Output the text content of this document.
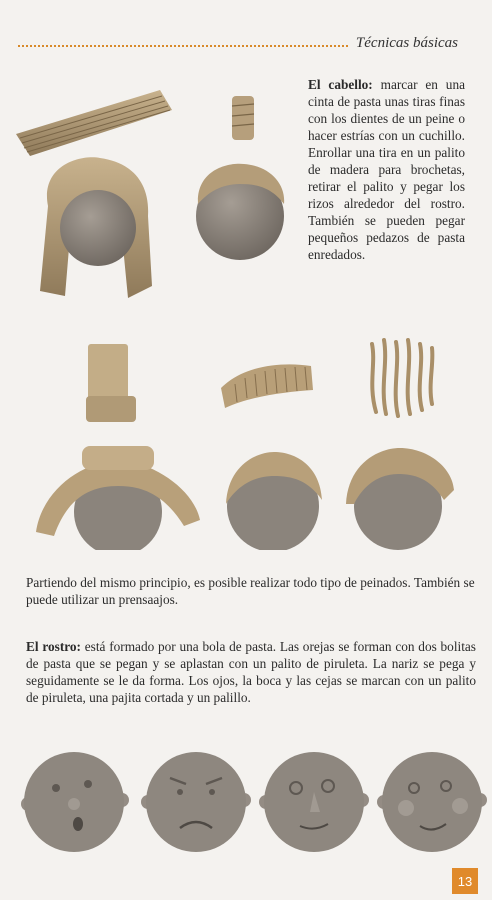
Técnicas básicas
El cabello: marcar en una cinta de pasta unas tiras finas con los dientes de un peine o hacer estrías con un cuchillo. Enrollar una tira en un palito de madera para brochetas, retirar el palito y pegar los rizos alrededor del rostro. También se pueden pegar pequeños pedazos de pasta enredados.
Partiendo del mismo principio, es posible realizar todo tipo de peinados. También se puede utilizar un prensaajos.
El rostro: está formado por una bola de pasta. Las orejas se forman con dos bolitas de pasta que se pegan y se aplastan con un palito de piruleta. La nariz se pega y seguidamente se le da forma. Los ojos, la boca y las cejas se marcan con un palito de piruleta, una pajita cortada y un palillo.
13
